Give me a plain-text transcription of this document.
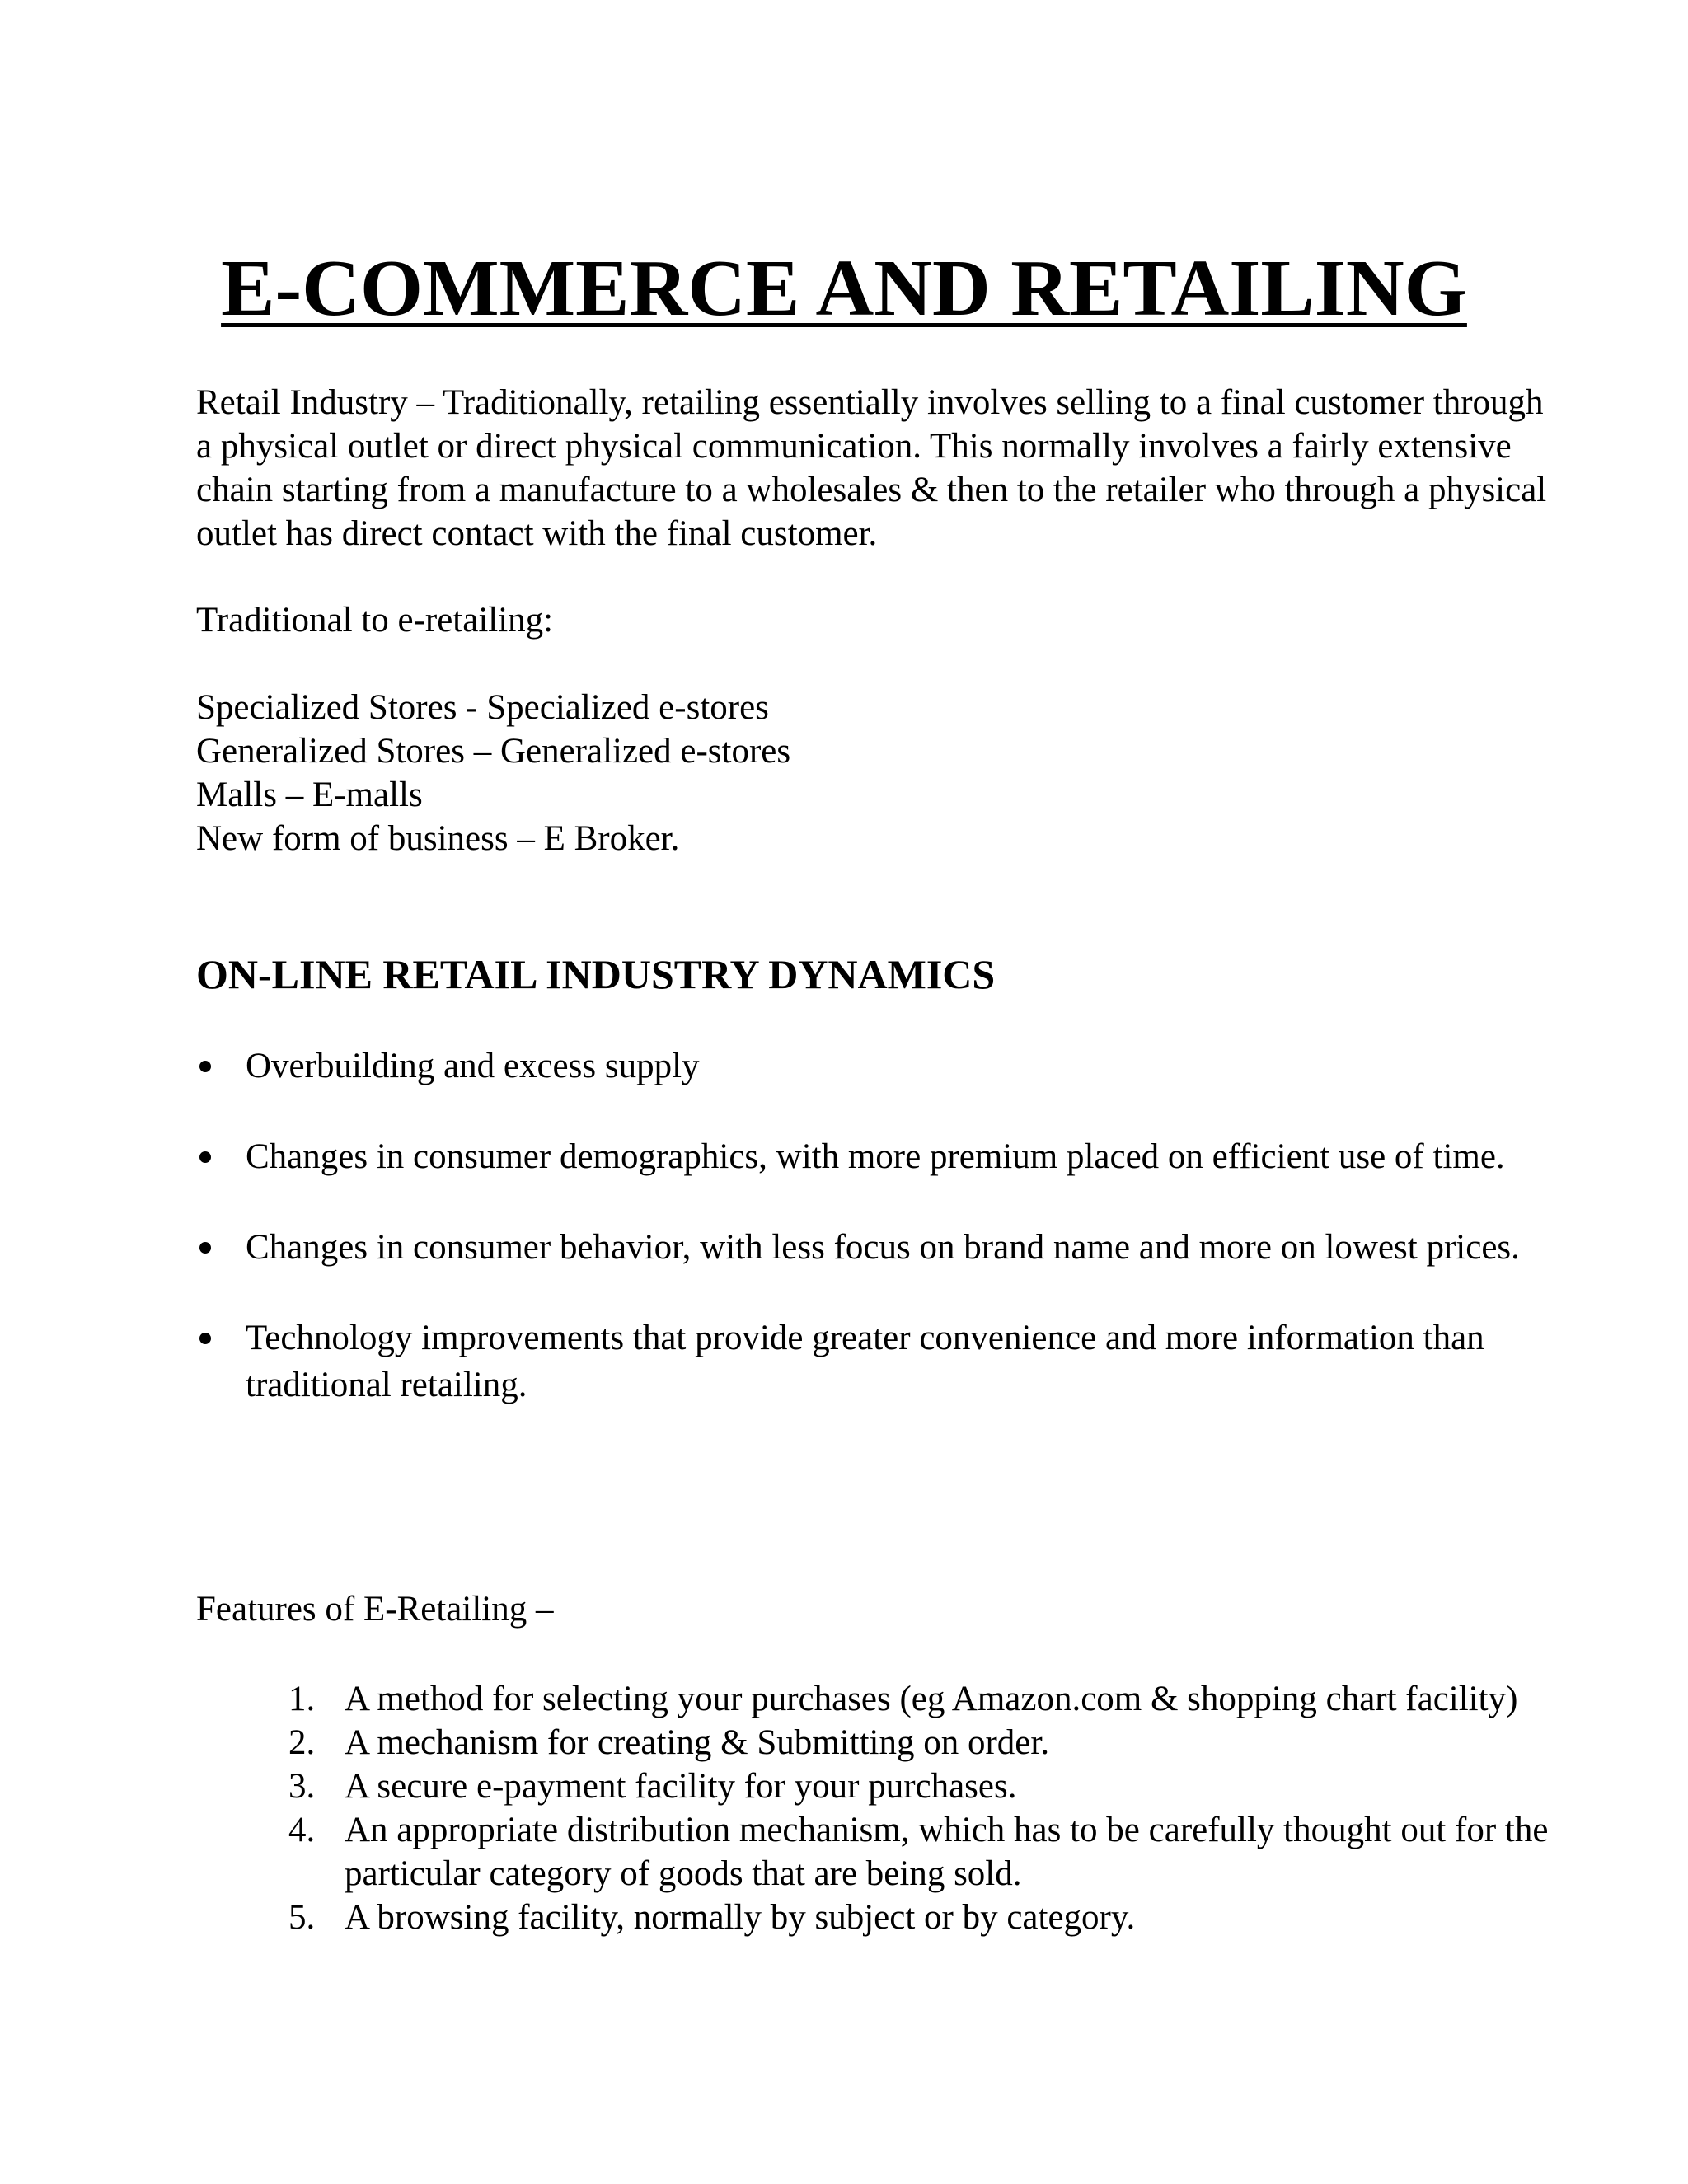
E-COMMERCE AND RETAILING

Retail Industry – Traditionally, retailing essentially involves selling to a final customer through a physical outlet or direct physical communication. This normally involves a fairly extensive chain starting from a manufacture to a wholesales & then to the retailer who through a physical outlet has direct contact with the final customer.

Traditional to e-retailing:

Specialized Stores - Specialized e-stores
Generalized Stores – Generalized e-stores
Malls – E-malls
New form of business – E Broker.
ON-LINE RETAIL INDUSTRY DYNAMICS
Overbuilding and excess supply
Changes in consumer demographics, with more premium placed on efficient use of time.
Changes in consumer behavior, with less focus on brand name and more on lowest prices.
Technology improvements that provide greater convenience and more information than traditional retailing.

Features of E-Retailing –

1. A method for selecting your purchases (eg Amazon.com & shopping chart facility)
2. A mechanism for creating & Submitting on order.
3. A secure e-payment facility for your purchases.
4. An appropriate distribution mechanism, which has to be carefully thought out for the particular category of goods that are being sold.
5. A browsing facility, normally by subject or by category.
